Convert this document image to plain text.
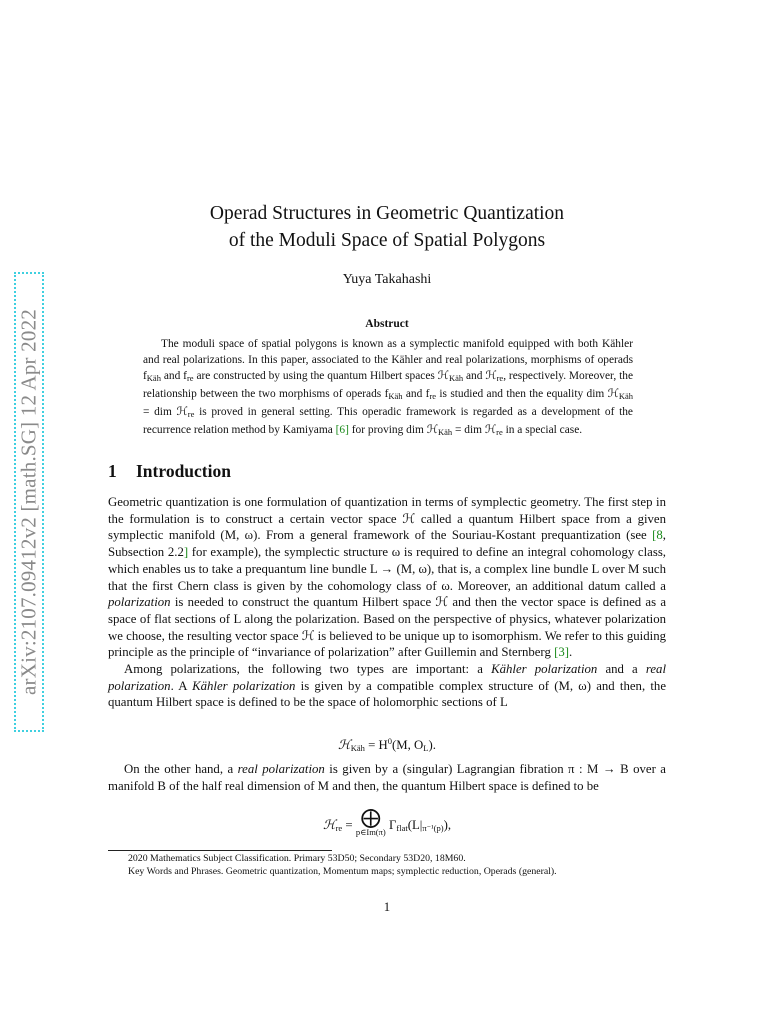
arXiv:2107.09412v2 [math.SG] 12 Apr 2022
Operad Structures in Geometric Quantization
of the Moduli Space of Spatial Polygons
Yuya Takahashi
Abstruct

The moduli space of spatial polygons is known as a symplectic manifold equipped with both Kähler and real polarizations. In this paper, associated to the Kähler and real polarizations, morphisms of operads $f_{Käh}$ and $f_{re}$ are constructed by using the quantum Hilbert spaces ℋ$_{Käh}$ and ℋ$_{re}$, respectively. Moreover, the relationship between the two morphisms of operads $f_{Käh}$ and $f_{re}$ is studied and then the equality dim ℋ$_{Käh}$ = dim ℋ$_{re}$ is proved in general setting. This operadic framework is regarded as a development of the recurrence relation method by Kamiyama [6] for proving dim ℋ$_{Käh}$ = dim ℋ$_{re}$ in a special case.

1 Introduction

Geometric quantization is one formulation of quantization in terms of symplectic geometry. The first step in the formulation is to construct a certain vector space ℋ called a quantum Hilbert space from a given symplectic manifold (M, ω). From a general framework of the Souriau-Kostant prequantization (see [8, Subsection 2.2] for example), the symplectic structure ω is required to define an integral cohomology class, which enables us to take a prequantum line bundle L → (M, ω), that is, a complex line bundle L over M such that the first Chern class is given by the cohomology class of ω. Moreover, an additional datum called a polarization is needed to construct the quantum Hilbert space ℋ and then the vector space is defined as a space of flat sections of L along the polarization. Based on the perspective of physics, whatever polarization we choose, the resulting vector space ℋ is believed to be unique up to isomorphism. We refer to this guiding principle as the principle of “invariance of polarization” after Guillemin and Sternberg [3].

Among polarizations, the following two types are important: a Kähler polarization and a real polarization. A Kähler polarization is given by a compatible complex structure of (M, ω) and then, the quantum Hilbert space is defined to be the space of holomorphic sections of L

ℋ$_{Käh}$ = $H^0(M$, $O_L$).

On the other hand, a real polarization is given by a (singular) Lagrangian fibration π : M → B over a manifold B of the half real dimension of M and then, the quantum Hilbert space is defined to be

ℋ$_{re}$ = ⨁
p∈Im(π) $\Gamma_{flat}(L|_{\pi^{-1}(p)})$,
2020 Mathematics Subject Classification. Primary 53D50; Secondary 53D20, 18M60.
Key Words and Phrases. Geometric quantization, Momentum maps; symplectic reduction, Operads (general).
1
